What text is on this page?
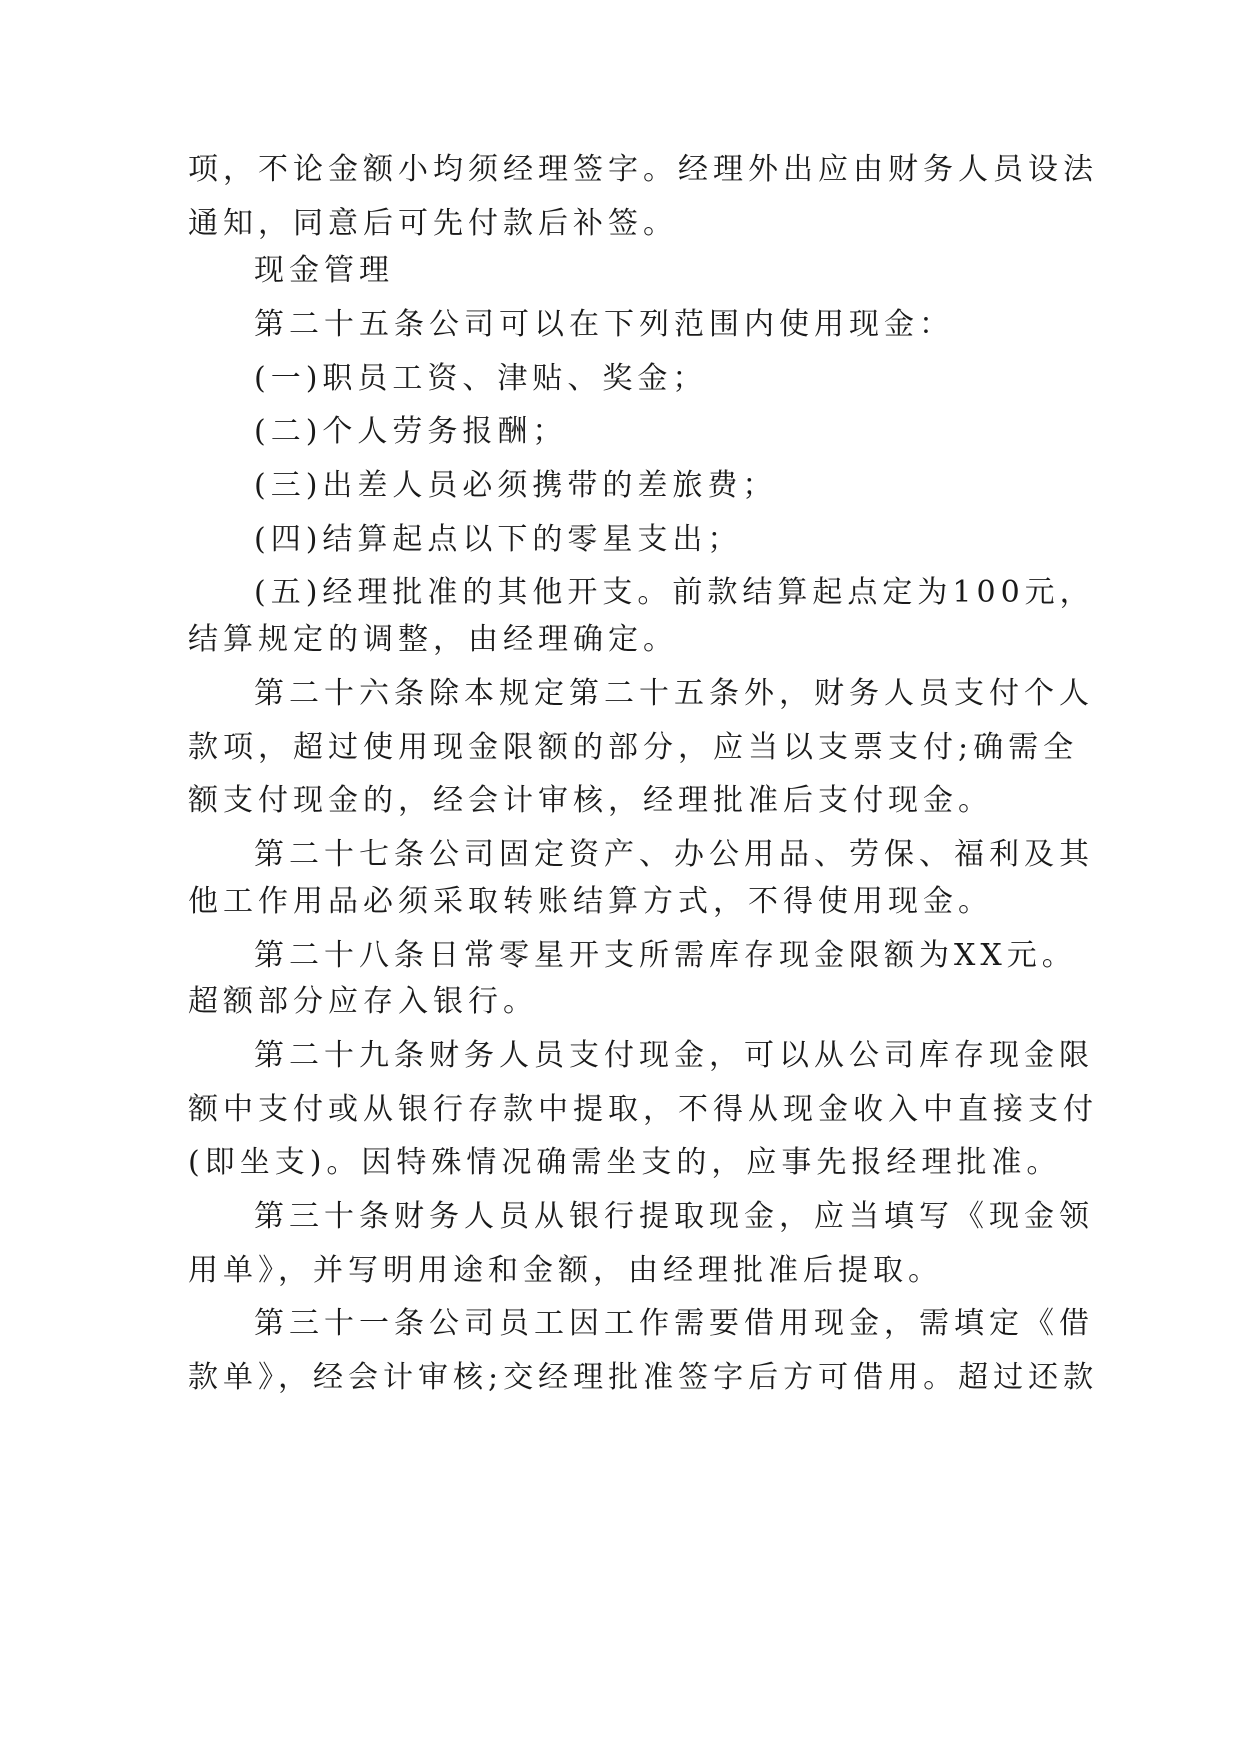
项，不论金额小均须经理签字。经理外出应由财务人员设法
通知，同意后可先付款后补签。
现金管理
第二十五条公司可以在下列范围内使用现金：
(一)职员工资、津贴、奖金；
(二)个人劳务报酬；
(三)出差人员必须携带的差旅费；
(四)结算起点以下的零星支出；
(五)经理批准的其他开支。前款结算起点定为100元，
结算规定的调整，由经理确定。
第二十六条除本规定第二十五条外，财务人员支付个人
款项，超过使用现金限额的部分，应当以支票支付;确需全
额支付现金的，经会计审核，经理批准后支付现金。
第二十七条公司固定资产、办公用品、劳保、福利及其
他工作用品必须采取转账结算方式，不得使用现金。
第二十八条日常零星开支所需库存现金限额为XX元。
超额部分应存入银行。
第二十九条财务人员支付现金，可以从公司库存现金限
额中支付或从银行存款中提取，不得从现金收入中直接支付
(即坐支)。因特殊情况确需坐支的，应事先报经理批准。
第三十条财务人员从银行提取现金，应当填写《现金领
用单》，并写明用途和金额，由经理批准后提取。
第三十一条公司员工因工作需要借用现金，需填定《借
款单》，经会计审核;交经理批准签字后方可借用。超过还款
